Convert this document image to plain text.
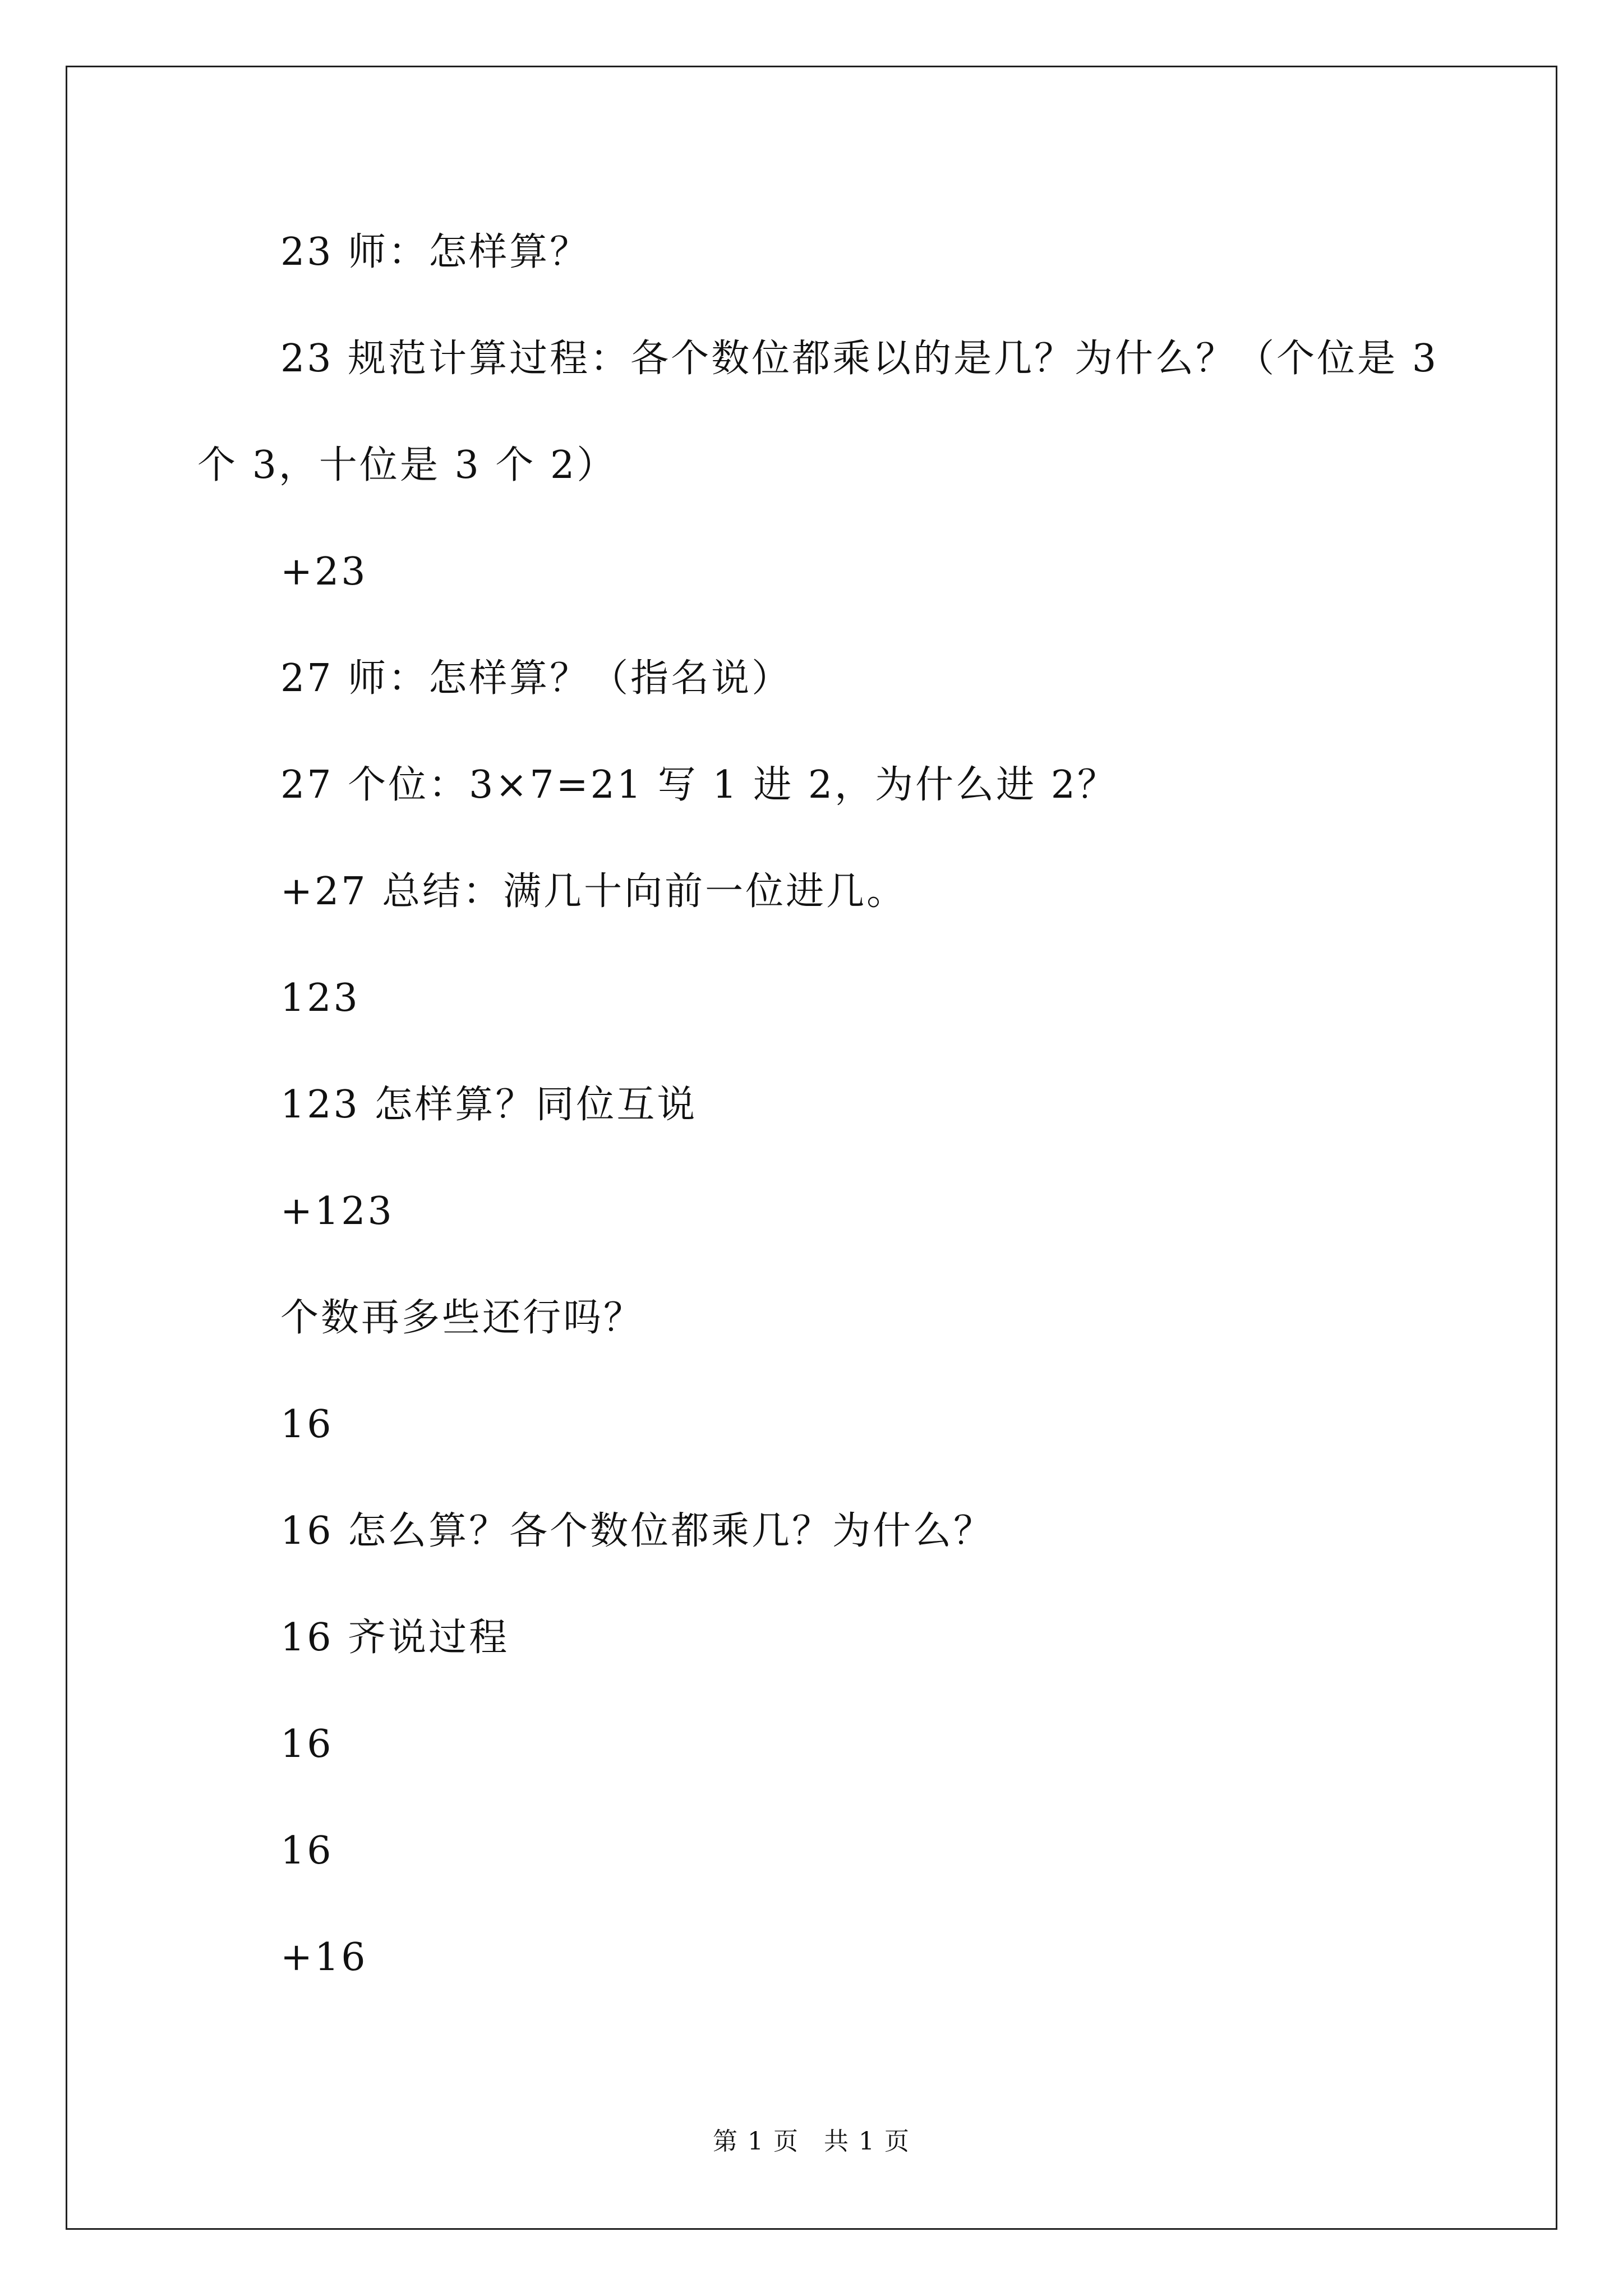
23 师：怎样算？
23 规范计算过程：各个数位都乘以的是几？为什么？（个位是 3
个 3，十位是 3 个 2）
+23
27 师：怎样算？（指名说）
27 个位：3×7=21 写 1 进 2，为什么进 2？
+27 总结：满几十向前一位进几。
123
123 怎样算？同位互说
+123
个数再多些还行吗？
16
16 怎么算？各个数位都乘几？为什么？
16 齐说过程
16
16
+16
第 1 页 共 1 页
